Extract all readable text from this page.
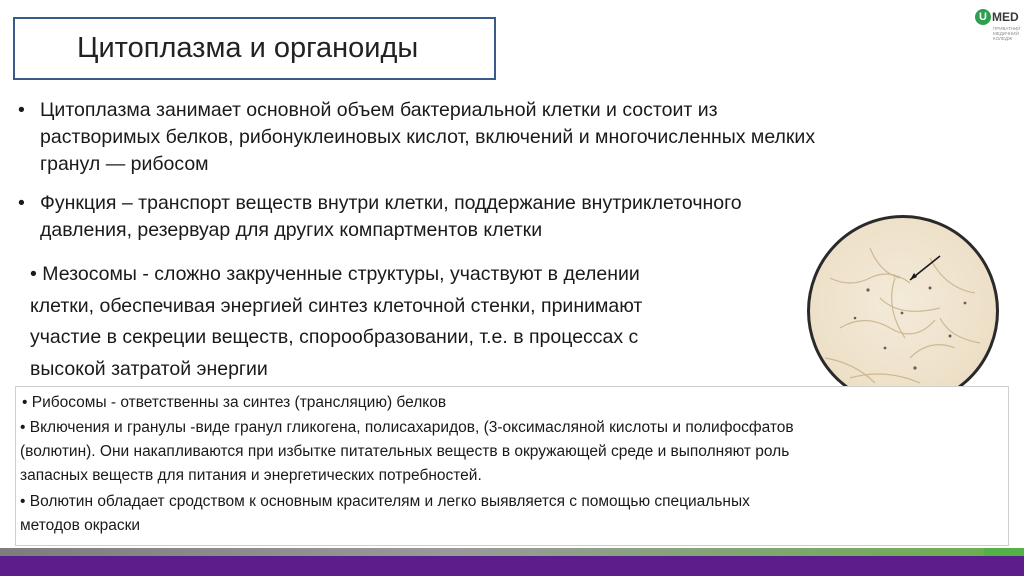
Цитоплазма и органоиды
U MED
ПРИВАТНИЙ МЕДИЧНИЙ КОЛЕДЖ
• Цитоплазма занимает основной объем бактериальной клетки и состоит из
растворимых белков, рибонуклеиновых кислот, включений и многочисленных мелких
гранул — рибосом
• Функция – транспорт веществ внутри клетки, поддержание внутриклеточного
давления, резервуар для других компартментов клетки
• Мезосомы - сложно закрученные структуры, участвуют в делении
клетки, обеспечивая энергией синтез клеточной стенки, принимают
участие в секреции веществ, спорообразовании, т.е. в процессах с
высокой затратой энергии
• Рибосомы - ответственны за синтез (трансляцию) белков
• Включения и гранулы -виде гранул гликогена, полисахаридов, (3-оксимасляной кислоты и полифосфатов
(волютин). Они накапливаются при избытке питательных веществ в окружающей среде и выполняют роль
запасных веществ для питания и энергетических потребностей.
• Волютин обладает сродством к основным красителям и легко выявляется с помощью специальных
методов окраски
